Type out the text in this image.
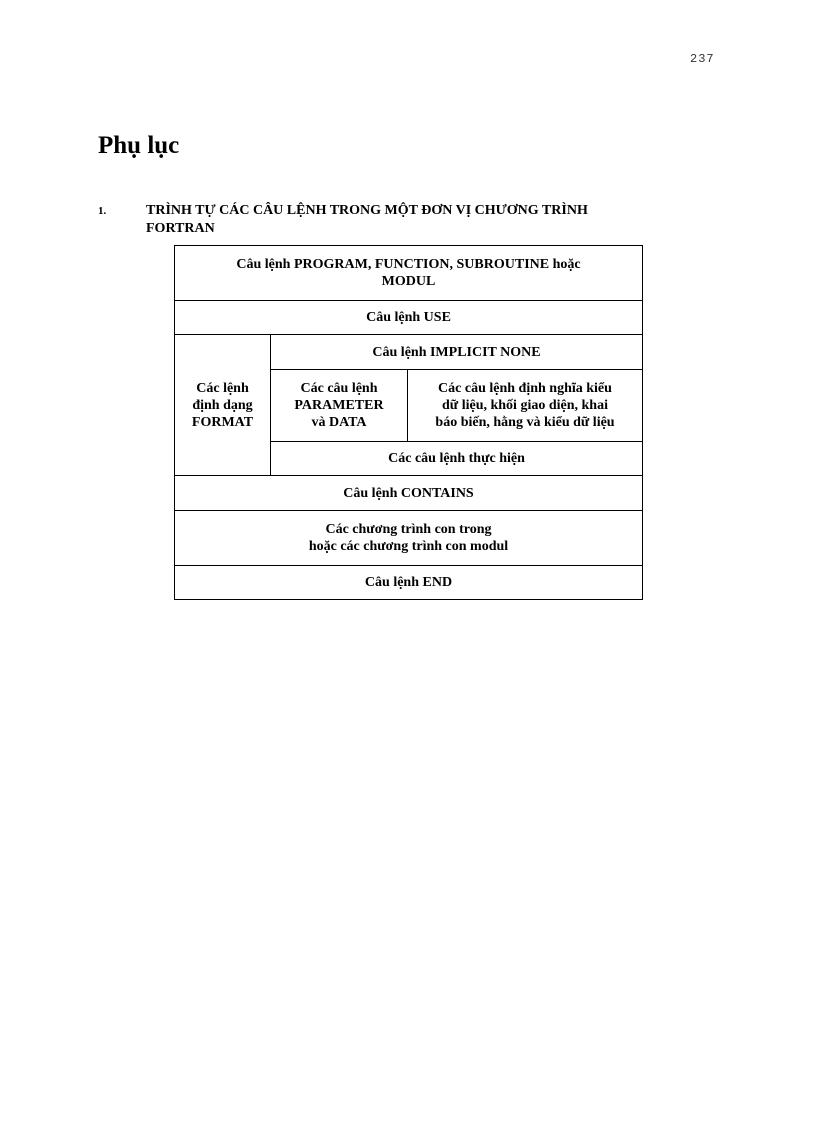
237
Phụ lục
1.	TRÌNH TỰ CÁC CÂU LỆNH TRONG MỘT ĐƠN VỊ CHƯƠNG TRÌNH
FORTRAN
Câu lệnh PROGRAM, FUNCTION, SUBROUTINE hoặc
MODUL		

Câu lệnh USE		

Các lệnh
định dạng
FORMAT	Câu lệnh IMPLICIT NONE	

	Các câu lệnh
PARAMETER
và DATA	Các câu lệnh định nghĩa kiểu
dữ liệu, khối giao diện, khai
báo biến, hằng và kiểu dữ liệu

	Các câu lệnh thực hiện	
Câu lệnh CONTAINS		

Các chương trình con trong
hoặc các chương trình con modul		

Câu lệnh END		
